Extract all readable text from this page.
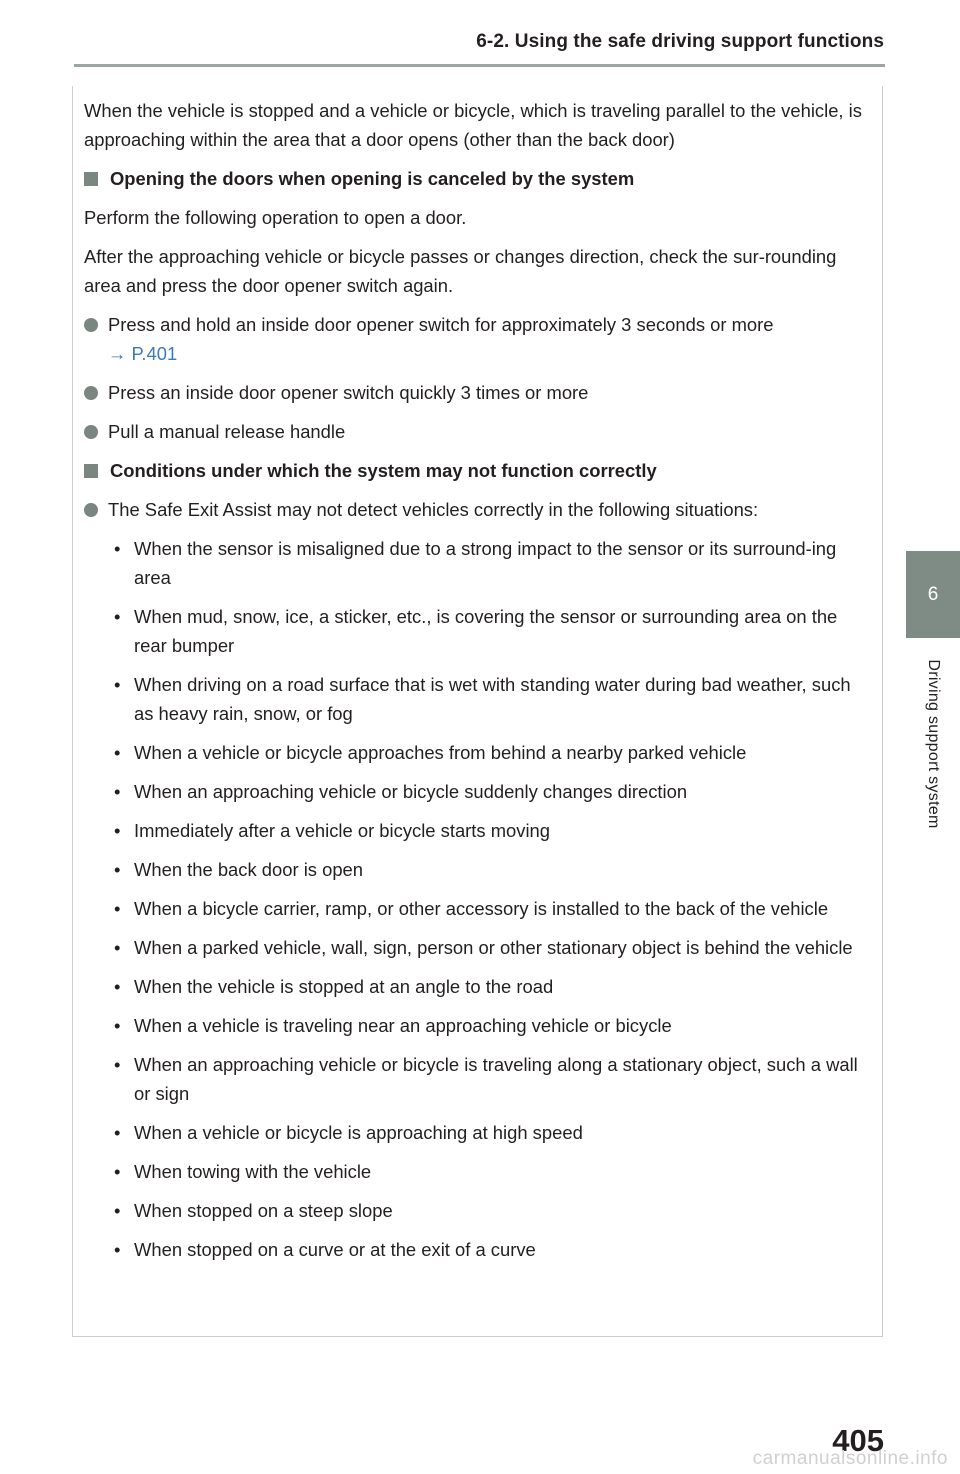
6-2. Using the safe driving support functions
6
Driving support system

When the vehicle is stopped and a vehicle or bicycle, which is traveling parallel to the vehicle, is approaching within the area that a door opens (other than the back door)

Opening the doors when opening is canceled by the system

Perform the following operation to open a door.

After the approaching vehicle or bicycle passes or changes direction, check the sur-rounding area and press the door opener switch again.

Press and hold an inside door opener switch for approximately 3 seconds or more
→ P.401
Press an inside door opener switch quickly 3 times or more
Pull a manual release handle

Conditions under which the system may not function correctly

The Safe Exit Assist may not detect vehicles correctly in the following situations:
• When the sensor is misaligned due to a strong impact to the sensor or its surround-ing area
• When mud, snow, ice, a sticker, etc., is covering the sensor or surrounding area on the rear bumper
• When driving on a road surface that is wet with standing water during bad weather, such as heavy rain, snow, or fog
• When a vehicle or bicycle approaches from behind a nearby parked vehicle
• When an approaching vehicle or bicycle suddenly changes direction
• Immediately after a vehicle or bicycle starts moving
• When the back door is open
• When a bicycle carrier, ramp, or other accessory is installed to the back of the vehicle
• When a parked vehicle, wall, sign, person or other stationary object is behind the vehicle
• When the vehicle is stopped at an angle to the road
• When a vehicle is traveling near an approaching vehicle or bicycle
• When an approaching vehicle or bicycle is traveling along a stationary object, such a wall or sign
• When a vehicle or bicycle is approaching at high speed
• When towing with the vehicle
• When stopped on a steep slope
• When stopped on a curve or at the exit of a curve
405
carmanualsonline.info
